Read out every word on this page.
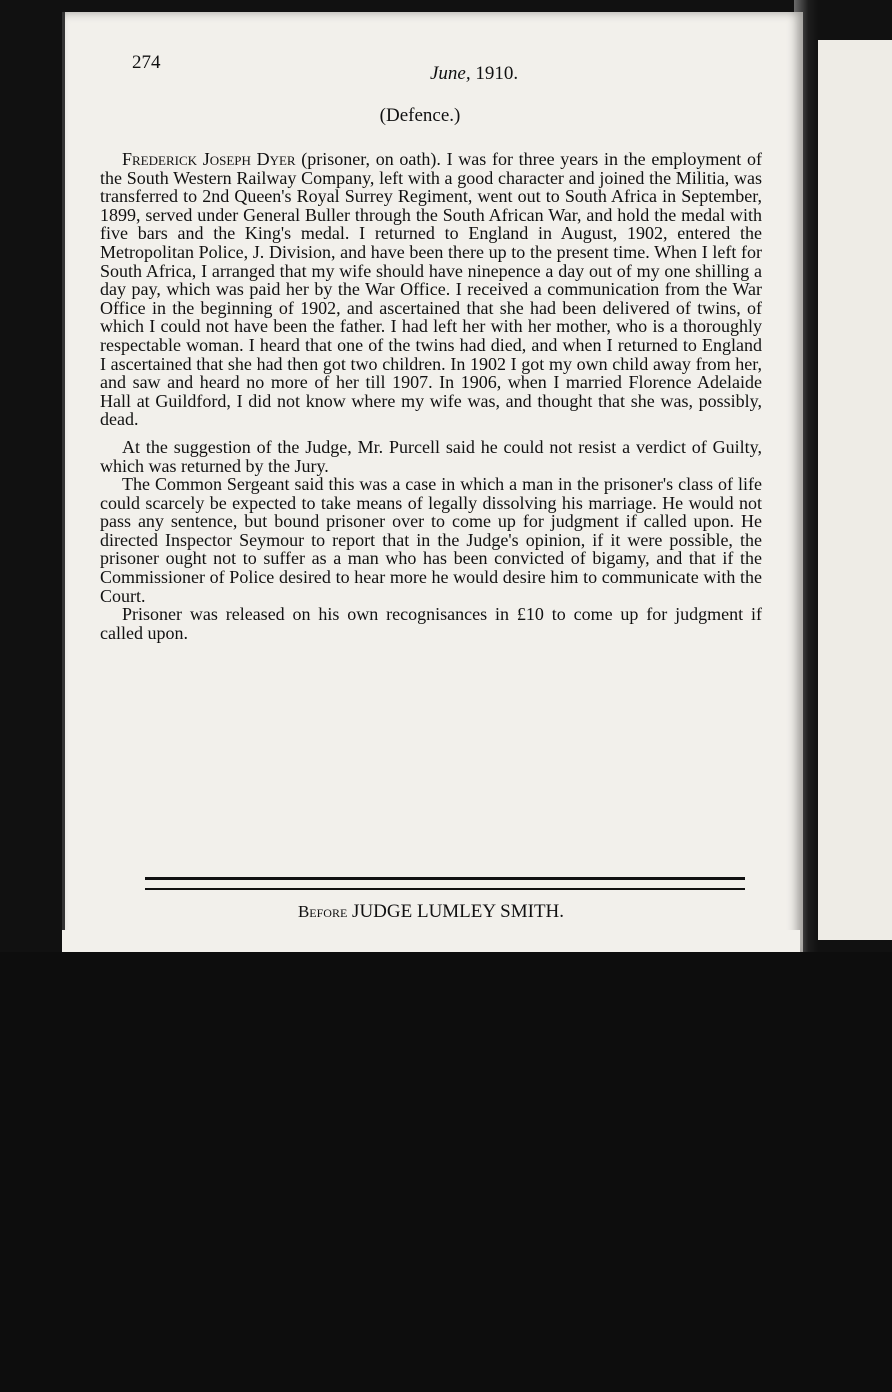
274
June, 1910.
(Defence.)

Frederick Joseph Dyer (prisoner, on oath). I was for three years in the employment of the South Western Railway Company, left with a good character and joined the Militia, was transferred to 2nd Queen's Royal Surrey Regiment, went out to South Africa in September, 1899, served under General Buller through the South African War, and hold the medal with five bars and the King's medal. I returned to England in August, 1902, entered the Metropolitan Police, J. Division, and have been there up to the present time. When I left for South Africa, I arranged that my wife should have ninepence a day out of my one shilling a day pay, which was paid her by the War Office. I received a communication from the War Office in the beginning of 1902, and ascertained that she had been delivered of twins, of which I could not have been the father. I had left her with her mother, who is a thoroughly respectable woman. I heard that one of the twins had died, and when I returned to England I ascertained that she had then got two children. In 1902 I got my own child away from her, and saw and heard no more of her till 1907. In 1906, when I married Florence Adelaide Hall at Guildford, I did not know where my wife was, and thought that she was, possibly, dead.

At the suggestion of the Judge, Mr. Purcell said he could not resist a verdict of Guilty, which was returned by the Jury.

The Common Sergeant said this was a case in which a man in the prisoner's class of life could scarcely be expected to take means of legally dissolving his marriage. He would not pass any sentence, but bound prisoner over to come up for judgment if called upon. He directed Inspector Seymour to report that in the Judge's opinion, if it were possible, the prisoner ought not to suffer as a man who has been convicted of bigamy, and that if the Commissioner of Police desired to hear more he would desire him to communicate with the Court.

Prisoner was released on his own recognisances in £10 to come up for judgment if called upon.

Before JUDGE LUMLEY SMITH.
